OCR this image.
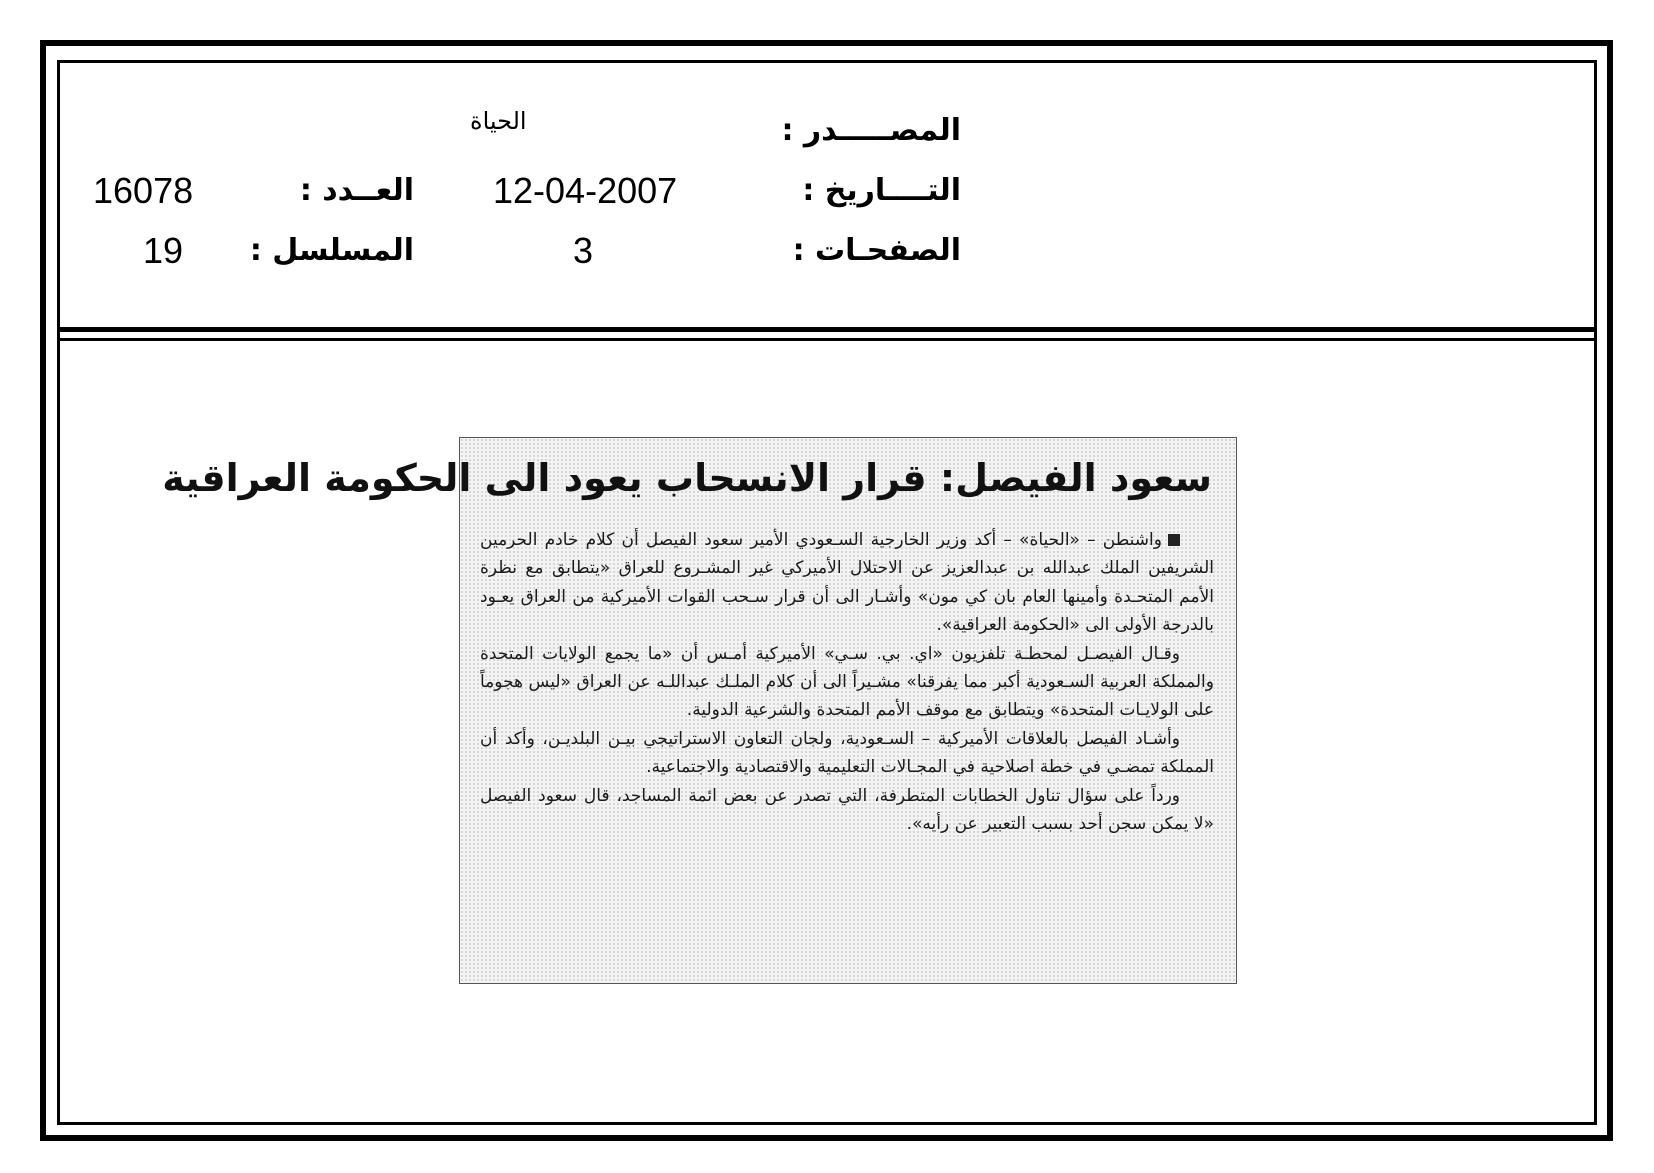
المصـــــدر :
الحياة
التــــاريخ :
12-04-2007
الصفحـات :
3
العــدد :
16078
المسلسل :
19
سعود الفيصل: قرار الانسحاب يعود الى الحكومة العراقية

واشنطن – «الحياة» – أكد وزير الخارجية السـعودي الأمير سعود الفيصل أن كلام خادم الحرمين الشريفين الملك عبدالله بن عبدالعزيز عن الاحتلال الأميركي غير المشـروع للعراق «يتطابق مع نظرة الأمم المتحـدة وأمينها العام بان كي مون» وأشـار الى أن قرار سـحب القوات الأميركية من العراق يعـود بالدرجة الأولى الى «الحكومة العراقية».

وقـال الفيصـل لمحطـة تلفزيون «اي. بي. سـي» الأميركية أمـس أن «ما يجمع الولايات المتحدة والمملكة العربية السـعودية أكبر مما يفرقنا» مشـيراً الى أن كلام الملـك عبداللـه عن العراق «ليس هجوماً على الولايـات المتحدة» ويتطابق مع موقف الأمم المتحدة والشرعية الدولية.

وأشـاد الفيصل بالعلاقات الأميركية – السـعودية، ولجان التعاون الاستراتيجي بيـن البلديـن، وأكد أن المملكة تمضـي في خطة اصلاحية في المجـالات التعليمية والاقتصادية والاجتماعية.

ورداً على سؤال تناول الخطابات المتطرفة، التي تصدر عن بعض ائمة المساجد، قال سعود الفيصل «لا يمكن سجن أحد بسبب التعبير عن رأيه».
